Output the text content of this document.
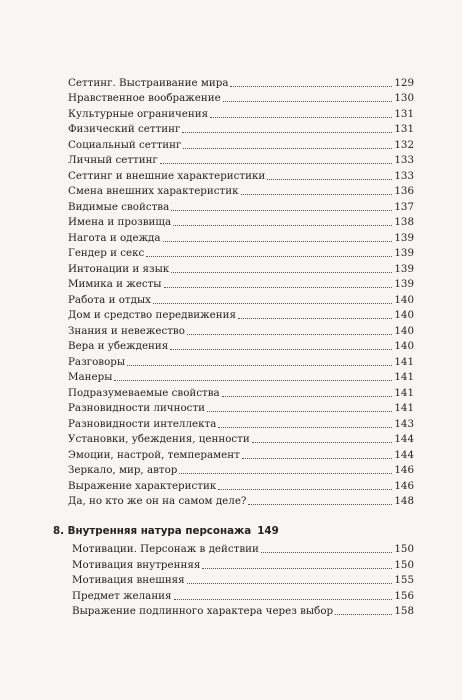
Сеттинг. Выстраивание мира	129
Нравственное воображение	130
Культурные ограничения	131
Физический сеттинг	131
Социальный сеттинг	132
Личный сеттинг	133
Сеттинг и внешние характеристики	133
Смена внешних характеристик	136
Видимые свойства	137
Имена и прозвища	138
Нагота и одежда	139
Гендер и секс	139
Интонации и язык	139
Мимика и жесты	139
Работа и отдых	140
Дом и средство передвижения	140
Знания и невежество	140
Вера и убеждения	140
Разговоры	141
Манеры	141
Подразумеваемые свойства	141
Разновидности личности	141
Разновидности интеллекта	143
Установки, убеждения, ценности	144
Эмоции, настрой, темперамент	144
Зеркало, мир, автор	146
Выражение характеристик	146
Да, но кто же он на самом деле?	148
8. Внутренняя натура персонажа 149
Мотивации. Персонаж в действии	150
Мотивация внутренняя	150
Мотивация внешняя	155
Предмет желания	156
Выражение подлинного характера через выбор	158
